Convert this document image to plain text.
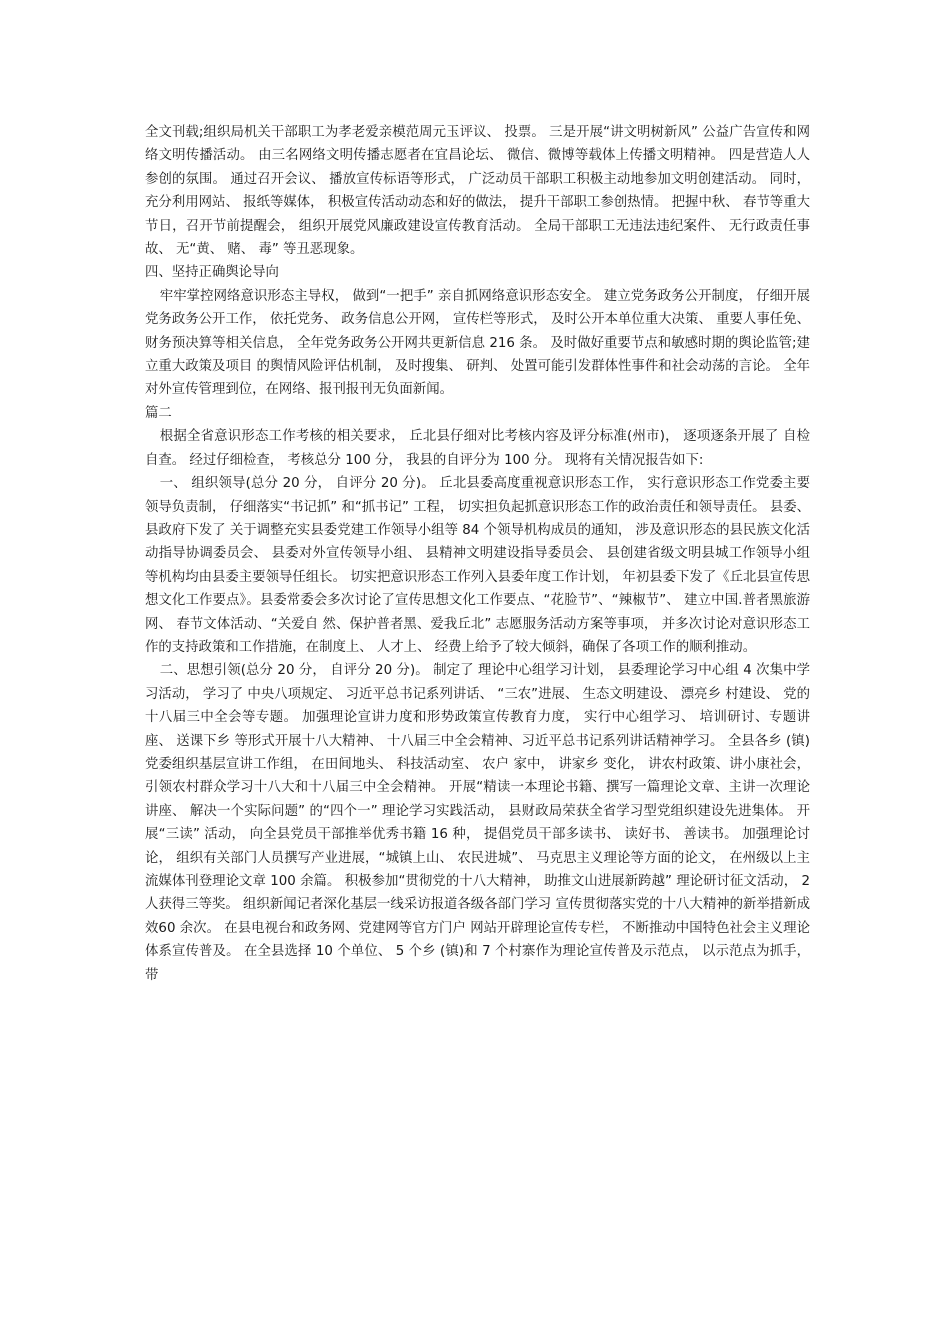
全文刊载;组织局机关干部职工为孝老爱亲模范周元玉评议、 投票。 三是开展“讲文明树新风” 公益广告宣传和网络文明传播活动。 由三名网络文明传播志愿者在宜昌论坛、 微信、微博等载体上传播文明精神。 四是营造人人参创的氛围。 通过召开会议、 播放宣传标语等形式， 广泛动员干部职工积极主动地参加文明创建活动。 同时， 充分利用网站、 报纸等媒体， 积极宣传活动动态和好的做法， 提升干部职工参创热情。 把握中秋、 春节等重大节日，召开节前提醒会， 组织开展党风廉政建设宣传教育活动。 全局干部职工无违法违纪案件、 无行政责任事故、 无“黄、 赌、 毒” 等丑恶现象。

四、坚持正确舆论导向

牢牢掌控网络意识形态主导权， 做到“一把手” 亲自抓网络意识形态安全。 建立党务政务公开制度， 仔细开展党务政务公开工作， 依托党务、 政务信息公开网， 宣传栏等形式， 及时公开本单位重大决策、 重要人事任免、 财务预决算等相关信息， 全年党务政务公开网共更新信息 216 条。 及时做好重要节点和敏感时期的舆论监管;建立重大政策及项目 的舆情风险评估机制， 及时搜集、 研判、 处置可能引发群体性事件和社会动荡的言论。 全年对外宣传管理到位，在网络、报刊报刊无负面新闻。

篇二

根据全省意识形态工作考核的相关要求， 丘北县仔细对比考核内容及评分标准(州市)， 逐项逐条开展了 自检自查。 经过仔细检查， 考核总分 100 分， 我县的自评分为 100 分。 现将有关情况报告如下:

一、 组织领导(总分 20 分， 自评分 20 分)。 丘北县委高度重视意识形态工作， 实行意识形态工作党委主要领导负责制， 仔细落实“书记抓” 和“抓书记” 工程， 切实担负起抓意识形态工作的政治责任和领导责任。 县委、 县政府下发了 关于调整充实县委党建工作领导小组等 84 个领导机构成员的通知， 涉及意识形态的县民族文化活动指导协调委员会、 县委对外宣传领导小组、 县精神文明建设指导委员会、 县创建省级文明县城工作领导小组等机构均由县委主要领导任组长。 切实把意识形态工作列入县委年度工作计划， 年初县委下发了《丘北县宣传思想文化工作要点》。县委常委会多次讨论了宣传思想文化工作要点、“花脸节”、“辣椒节”、 建立中国.普者黑旅游网、 春节文体活动、“关爱自 然、保护普者黑、爱我丘北” 志愿服务活动方案等事项， 并多次讨论对意识形态工作的支持政策和工作措施，在制度上、 人才上、 经费上给予了较大倾斜，确保了各项工作的顺利推动。

二、思想引领(总分 20 分， 自评分 20 分)。 制定了 理论中心组学习计划， 县委理论学习中心组 4 次集中学习活动， 学习了 中央八项规定、 习近平总书记系列讲话、 “三农”进展、 生态文明建设、 漂亮乡 村建设、 党的十八届三中全会等专题。 加强理论宣讲力度和形势政策宣传教育力度， 实行中心组学习、 培训研讨、专题讲座、 送课下乡 等形式开展十八大精神、 十八届三中全会精神、习近平总书记系列讲话精神学习。 全县各乡 (镇)党委组织基层宣讲工作组， 在田间地头、 科技活动室、 农户 家中， 讲家乡 变化， 讲农村政策、讲小康社会， 引领农村群众学习十八大和十八届三中全会精神。 开展“精读一本理论书籍、撰写一篇理论文章、主讲一次理论讲座、 解决一个实际问题” 的“四个一” 理论学习实践活动， 县财政局荣获全省学习型党组织建设先进集体。 开展“三读” 活动， 向全县党员干部推举优秀书籍 16 种， 提倡党员干部多读书、 读好书、 善读书。 加强理论讨论， 组织有关部门人员撰写产业进展，“城镇上山、 农民进城”、 马克思主义理论等方面的论文， 在州级以上主流媒体刊登理论文章 100 余篇。 积极参加“贯彻党的十八大精神， 助推文山进展新跨越” 理论研讨征文活动， 2 人获得三等奖。 组织新闻记者深化基层一线采访报道各级各部门学习 宣传贯彻落实党的十八大精神的新举措新成效60 余次。 在县电视台和政务网、党建网等官方门户 网站开辟理论宣传专栏， 不断推动中国特色社会主义理论体系宣传普及。 在全县选择 10 个单位、 5 个乡 (镇)和 7 个村寨作为理论宣传普及示范点， 以示范点为抓手， 带
